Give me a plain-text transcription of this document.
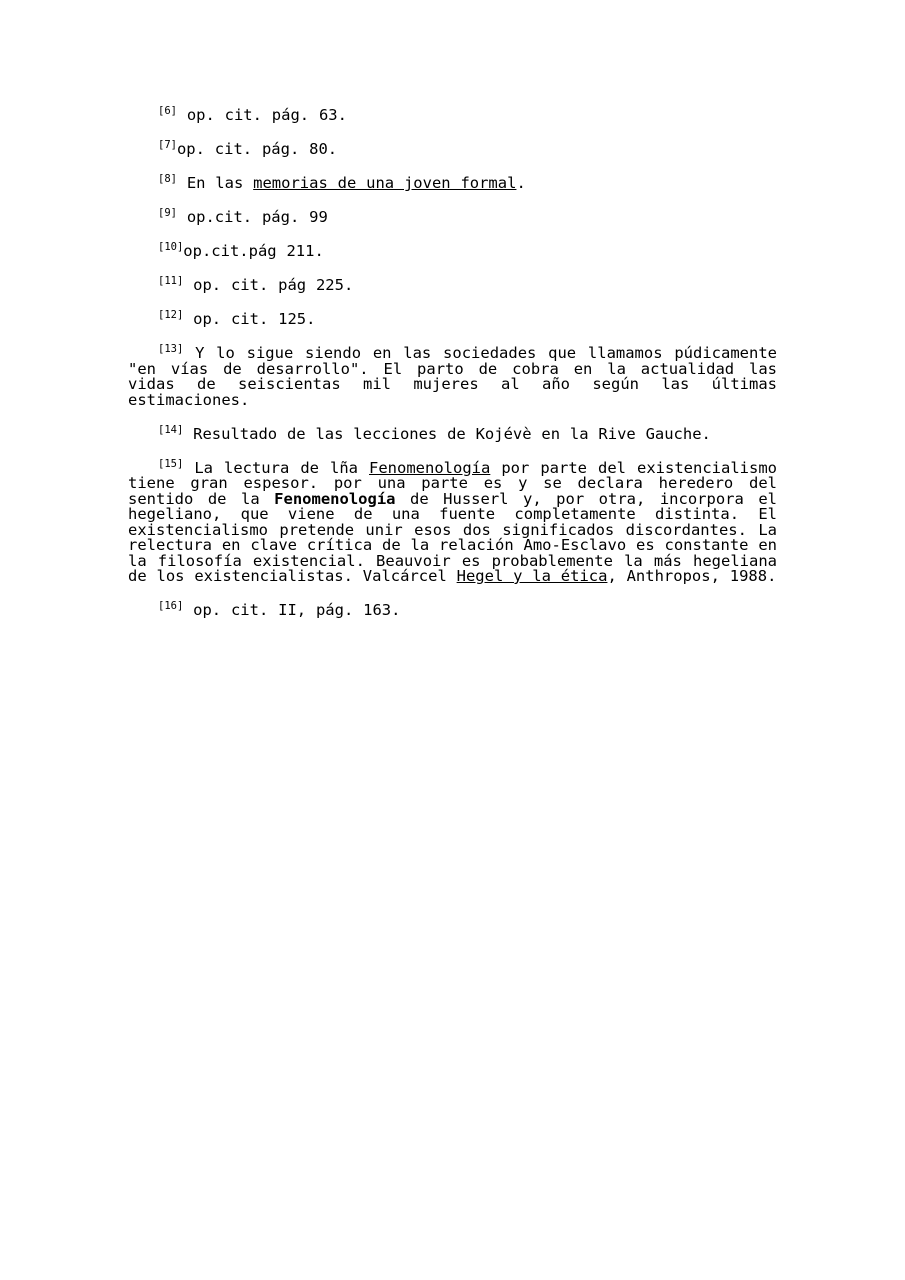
[6] op. cit. pág. 63.

[7]op. cit. pág. 80.

[8] En las memorias de una joven formal.

[9] op.cit. pág. 99

[10]op.cit.pág 211.

[11] op. cit. pág 225.

[12] op. cit. 125.

[13] Y lo sigue siendo en las sociedades que llamamos púdicamente "en vías de desarrollo". El parto de cobra en la actualidad las vidas de seiscientas mil mujeres al año según las últimas estimaciones.

[14] Resultado de las lecciones de Kojévè en la Rive Gauche.

[15] La lectura de lña Fenomenología por parte del existencialismo tiene gran espesor. por una parte es y se declara heredero del sentido de la Fenomenología de Husserl y, por otra, incorpora el hegeliano, que viene de una fuente completamente distinta. El existencialismo pretende unir esos dos significados discordantes. La relectura en clave crítica de la relación Amo-Esclavo es constante en la filosofía existencial. Beauvoir es probablemente la más hegeliana de los existencialistas. Valcárcel Hegel y la ética, Anthropos, 1988.

[16] op. cit. II, pág. 163.
